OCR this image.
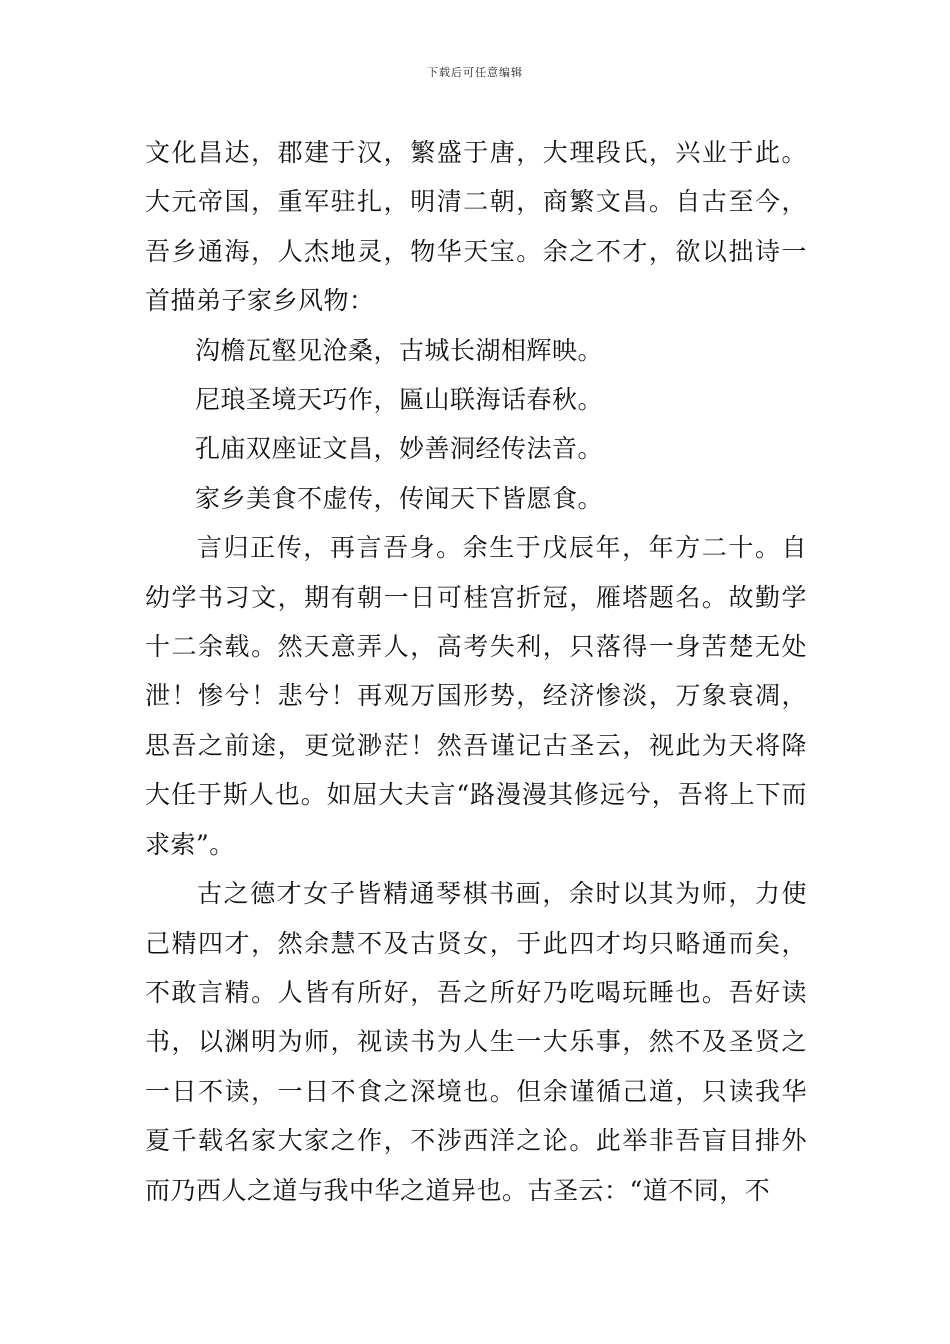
下载后可任意编辑

文化昌达，郡建于汉，繁盛于唐，大理段氏，兴业于此。大元帝国，重军驻扎，明清二朝，商繁文昌。自古至今，吾乡通海，人杰地灵，物华天宝。余之不才，欲以拙诗一首描弟子家乡风物：

沟檐瓦壑见沧桑，古城长湖相辉映。

尼琅圣境天巧作，匾山联海话春秋。

孔庙双座证文昌，妙善洞经传法音。

家乡美食不虚传，传闻天下皆愿食。

言归正传，再言吾身。余生于戊辰年，年方二十。自幼学书习文，期有朝一日可桂宫折冠，雁塔题名。故勤学十二余载。然天意弄人，高考失利，只落得一身苦楚无处泄！惨兮！悲兮！再观万国形势，经济惨淡，万象衰凋，思吾之前途，更觉渺茫！然吾谨记古圣云，视此为天将降大任于斯人也。如屈大夫言“路漫漫其修远兮，吾将上下而求索”。

古之德才女子皆精通琴棋书画，余时以其为师，力使己精四才，然余慧不及古贤女，于此四才均只略通而矣，不敢言精。人皆有所好，吾之所好乃吃喝玩睡也。吾好读书，以渊明为师，视读书为人生一大乐事，然不及圣贤之一日不读，一日不食之深境也。但余谨循己道，只读我华夏千载名家大家之作，不涉西洋之论。此举非吾盲目排外而乃西人之道与我中华之道异也。古圣云：“道不同，不
